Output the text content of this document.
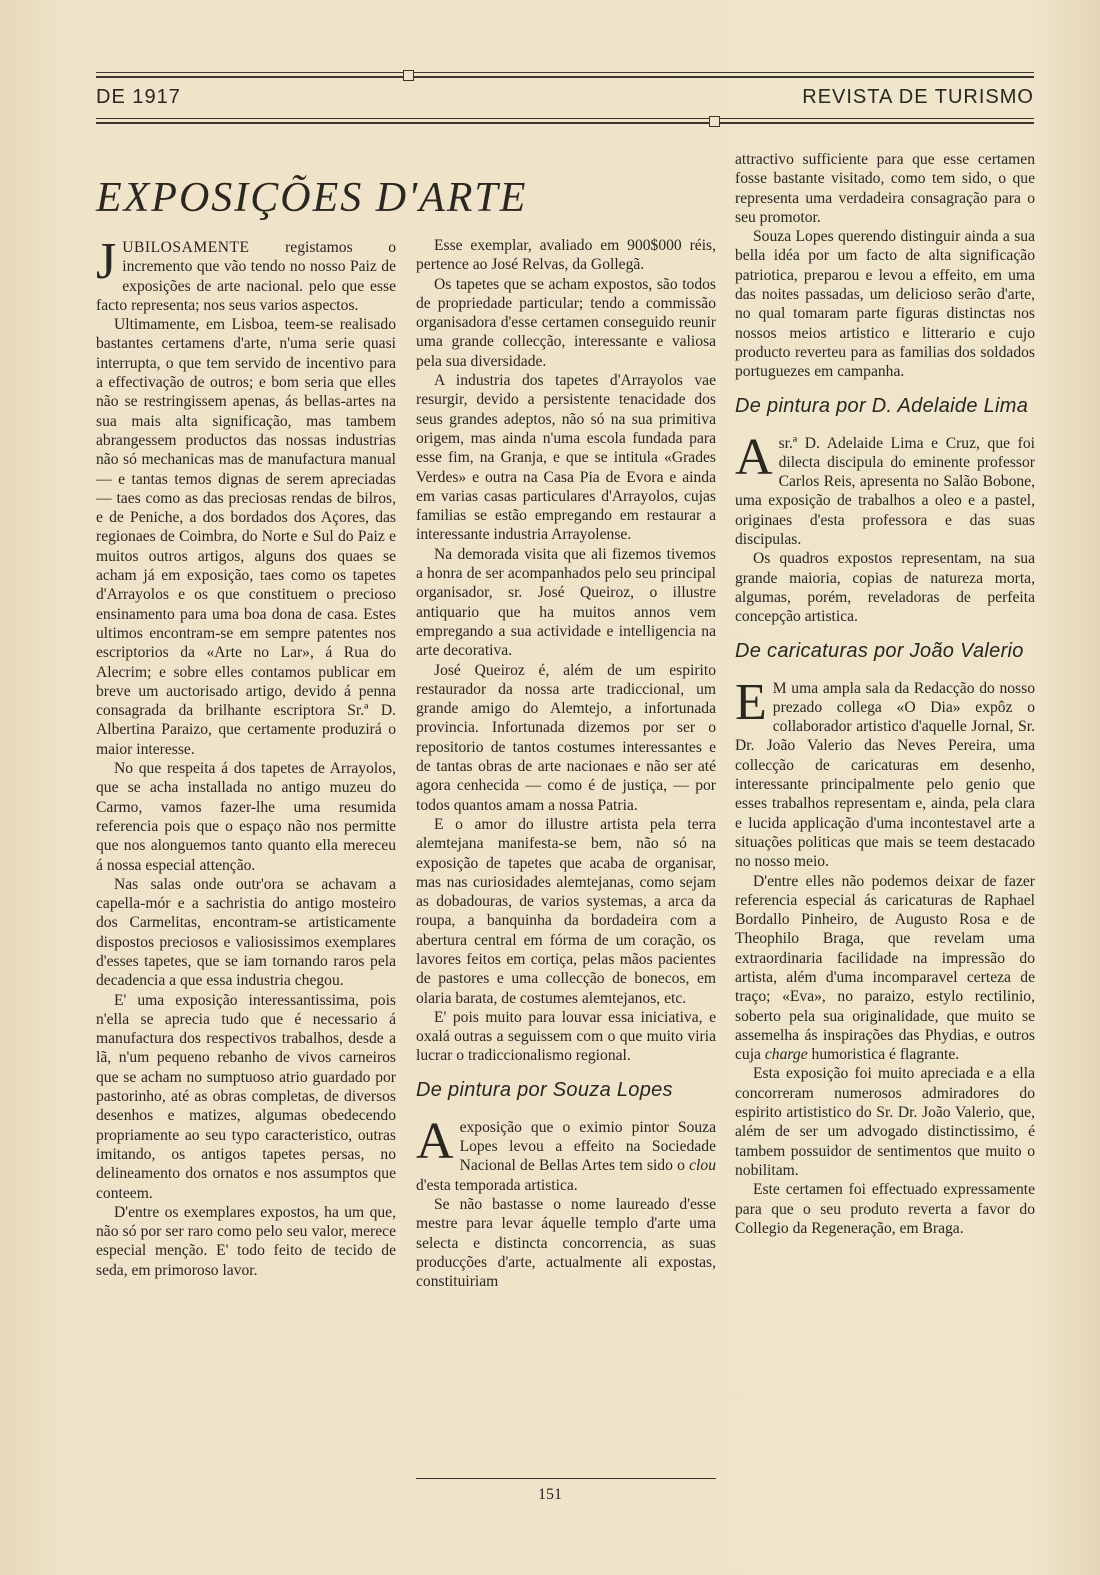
DE 1917	REVISTA DE TURISMO
EXPOSIÇÕES D'ARTE

JUBILOSAMENTE registamos o incremento que vão tendo no nosso Paiz de exposições de arte nacional. pelo que esse facto representa; nos seus varios aspectos.

Ultimamente, em Lisboa, teem-se realisado bastantes certamens d'arte, n'uma serie quasi interrupta, o que tem servido de incentivo para a effectivação de outros; e bom seria que elles não se restringissem apenas, ás bellas-artes na sua mais alta significação, mas tambem abrangessem productos das nossas industrias não só mechanicas mas de manufactura manual — e tantas temos dignas de serem apreciadas — taes como as das preciosas rendas de bilros, e de Peniche, a dos bordados dos Açores, das regionaes de Coimbra, do Norte e Sul do Paiz e muitos outros artigos, alguns dos quaes se acham já em exposição, taes como os tapetes d'Arrayolos e os que constituem o precioso ensinamento para uma boa dona de casa. Estes ultimos encontram-se em sempre patentes nos escriptorios da «Arte no Lar», á Rua do Alecrim; e sobre elles contamos publicar em breve um auctorisado artigo, devido á penna consagrada da brilhante escriptora Sr.ª D. Albertina Paraizo, que certamente produzirá o maior interesse.

No que respeita á dos tapetes de Arrayolos, que se acha installada no antigo muzeu do Carmo, vamos fazer-lhe uma resumida referencia pois que o espaço não nos permitte que nos alonguemos tanto quanto ella mereceu á nossa especial attenção.

Nas salas onde outr'ora se achavam a capella-mór e a sachristia do antigo mosteiro dos Carmelitas, encontram-se artisticamente dispostos preciosos e valiosissimos exemplares d'esses tapetes, que se iam tornando raros pela decadencia a que essa industria chegou.

E' uma exposição interessantissima, pois n'ella se aprecia tudo que é necessario á manufactura dos respectivos trabalhos, desde a lã, n'um pequeno rebanho de vivos carneiros que se acham no sumptuoso atrio guardado por pastorinho, até as obras completas, de diversos desenhos e matizes, algumas obedecendo propriamente ao seu typo caracteristico, outras imitando, os antigos tapetes persas, no delineamento dos ornatos e nos assumptos que conteem.

D'entre os exemplares expostos, ha um que, não só por ser raro como pelo seu valor, merece especial menção. E' todo feito de tecido de seda, em primoroso lavor.

Esse exemplar, avaliado em 900$000 réis, pertence ao José Relvas, da Gollegã.

Os tapetes que se acham expostos, são todos de propriedade particular; tendo a commissão organisadora d'esse certamen conseguido reunir uma grande collecção, interessante e valiosa pela sua diversidade.

A industria dos tapetes d'Arrayolos vae resurgir, devido a persistente tenacidade dos seus grandes adeptos, não só na sua primitiva origem, mas ainda n'uma escola fundada para esse fim, na Granja, e que se intitula «Grades Verdes» e outra na Casa Pia de Evora e ainda em varias casas particulares d'Arrayolos, cujas familias se estão empregando em restaurar a interessante industria Arrayolense.

Na demorada visita que ali fizemos tivemos a honra de ser acompanhados pelo seu principal organisador, sr. José Queiroz, o illustre antiquario que ha muitos annos vem empregando a sua actividade e intelligencia na arte decorativa.

José Queiroz é, além de um espirito restaurador da nossa arte tradiccional, um grande amigo do Alemtejo, a infortunada provincia. Infortunada dizemos por ser o repositorio de tantos costumes interessantes e de tantas obras de arte nacionaes e não ser até agora cenhecida — como é de justiça, — por todos quantos amam a nossa Patria.

E o amor do illustre artista pela terra alemtejana manifesta-se bem, não só na exposição de tapetes que acaba de organisar, mas nas curiosidades alemtejanas, como sejam as dobadouras, de varios systemas, a arca da roupa, a banquinha da bordadeira com a abertura central em fórma de um coração, os lavores feitos em cortiça, pelas mãos pacientes de pastores e uma collecção de bonecos, em olaria barata, de costumes alemtejanos, etc.

E' pois muito para louvar essa iniciativa, e oxalá outras a seguissem com o que muito viria lucrar o tradiccionalismo regional.

De pintura por Souza Lopes

Aexposição que o eximio pintor Souza Lopes levou a effeito na Sociedade Nacional de Bellas Artes tem sido o clou d'esta temporada artistica.

Se não bastasse o nome laureado d'esse mestre para levar áquelle templo d'arte uma selecta e distincta concorrencia, as suas producções d'arte, actualmente ali expostas, constituiriam

attractivo sufficiente para que esse certamen fosse bastante visitado, como tem sido, o que representa uma verdadeira consagração para o seu promotor.

Souza Lopes querendo distinguir ainda a sua bella idéa por um facto de alta significação patriotica, preparou e levou a effeito, em uma das noites passadas, um delicioso serão d'arte, no qual tomaram parte figuras distinctas nos nossos meios artistico e litterario e cujo producto reverteu para as familias dos soldados portuguezes em campanha.

De pintura por D. Adelaide Lima

Asr.ª D. Adelaide Lima e Cruz, que foi dilecta discipula do eminente professor Carlos Reis, apresenta no Salão Bobone, uma exposição de trabalhos a oleo e a pastel, originaes d'esta professora e das suas discipulas.

Os quadros expostos representam, na sua grande maioria, copias de natureza morta, algumas, porém, reveladoras de perfeita concepção artistica.

De caricaturas por João Valerio

E M uma ampla sala da Redacção do nosso prezado collega «O Dia» expôz o collaborador artistico d'aquelle Jornal, Sr. Dr. João Valerio das Neves Pereira, uma collecção de caricaturas em desenho, interessante principalmente pelo genio que esses trabalhos representam e, ainda, pela clara e lucida applicação d'uma incontestavel arte a situações politicas que mais se teem destacado no nosso meio.

D'entre elles não podemos deixar de fazer referencia especial ás caricaturas de Raphael Bordallo Pinheiro, de Augusto Rosa e de Theophilo Braga, que revelam uma extraordinaria facilidade na impressão do artista, além d'uma incomparavel certeza de traço; «Eva», no paraizo, estylo rectilinio, soberto pela sua originalidade, que muito se assemelha ás inspirações das Phydias, e outros cuja charge humoristica é flagrante.

Esta exposição foi muito apreciada e a ella concorreram numerosos admiradores do espirito artististico do Sr. Dr. João Valerio, que, além de ser um advogado distinctissimo, é tambem possuidor de sentimentos que muito o nobilitam.

Este certamen foi effectuado expressamente para que o seu produto reverta a favor do Collegio da Regeneração, em Braga.

151
